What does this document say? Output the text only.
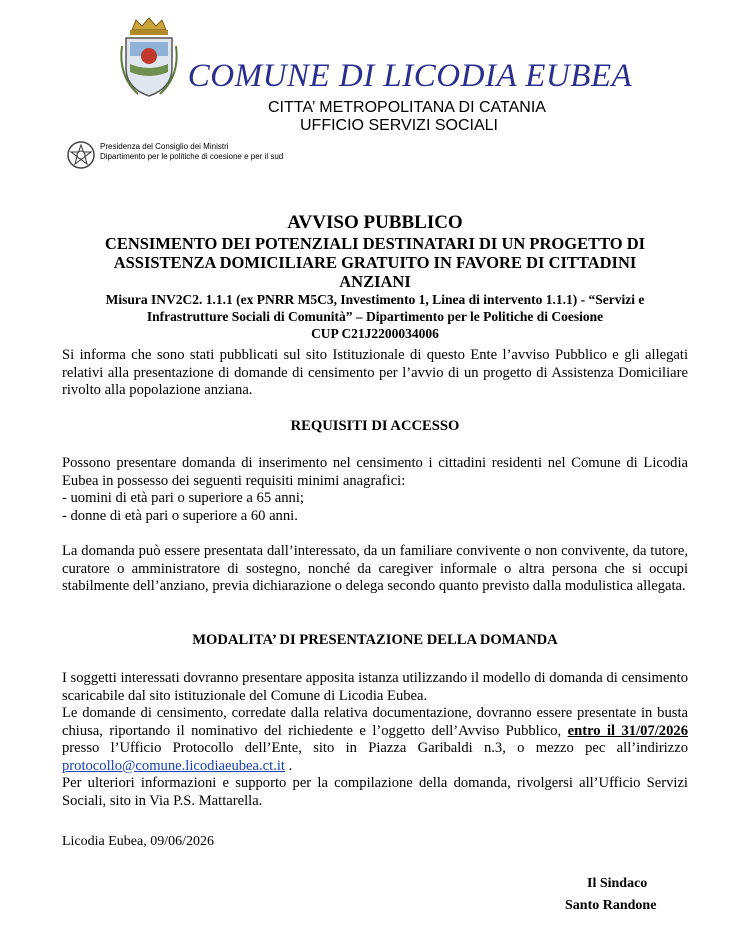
COMUNE DI LICODIA EUBEA
CITTA’ METROPOLITANA DI CATANIA
UFFICIO SERVIZI SOCIALI
Presidenza del Consiglio dei Ministri
Dipartimento per le politiche di coesione e per il sud
AVVISO PUBBLICO
CENSIMENTO DEI POTENZIALI DESTINATARI DI UN PROGETTO DI
ASSISTENZA DOMICILIARE GRATUITO IN FAVORE DI CITTADINI
ANZIANI
Misura INV2C2. 1.1.1 (ex PNRR M5C3, Investimento 1, Linea di intervento 1.1.1) - “Servizi e
Infrastrutture Sociali di Comunità” – Dipartimento per le Politiche di Coesione
CUP C21J2200034006

Si informa che sono stati pubblicati sul sito Istituzionale di questo Ente l’avviso Pubblico e gli allegati relativi alla presentazione di domande di censimento per l’avvio di un progetto di Assistenza Domiciliare rivolto alla popolazione anziana.

REQUISITI DI ACCESSO

Possono presentare domanda di inserimento nel censimento i cittadini residenti nel Comune di Licodia Eubea in possesso dei seguenti requisiti minimi anagrafici:

- uomini di età pari o superiore a 65 anni;

- donne di età pari o superiore a 60 anni.

La domanda può essere presentata dall’interessato, da un familiare convivente o non convivente, da tutore, curatore o amministratore di sostegno, nonché da caregiver informale o altra persona che si occupi stabilmente dell’anziano, previa dichiarazione o delega secondo quanto previsto dalla modulistica allegata.

MODALITA’ DI PRESENTAZIONE DELLA DOMANDA

I soggetti interessati dovranno presentare apposita istanza utilizzando il modello di domanda di censimento scaricabile dal sito istituzionale del Comune di Licodia Eubea.

Le domande di censimento, corredate dalla relativa documentazione, dovranno essere presentate in busta chiusa, riportando il nominativo del richiedente e l’oggetto dell’Avviso Pubblico, entro il 31/07/2026 presso l’Ufficio Protocollo dell’Ente, sito in Piazza Garibaldi n.3, o mezzo pec all’indirizzo protocollo@comune.licodiaeubea.ct.it .

Per ulteriori informazioni e supporto per la compilazione della domanda, rivolgersi all’Ufficio Servizi Sociali, sito in Via P.S. Mattarella.

Licodia Eubea, 09/06/2026
Il Sindaco
Santo Randone
